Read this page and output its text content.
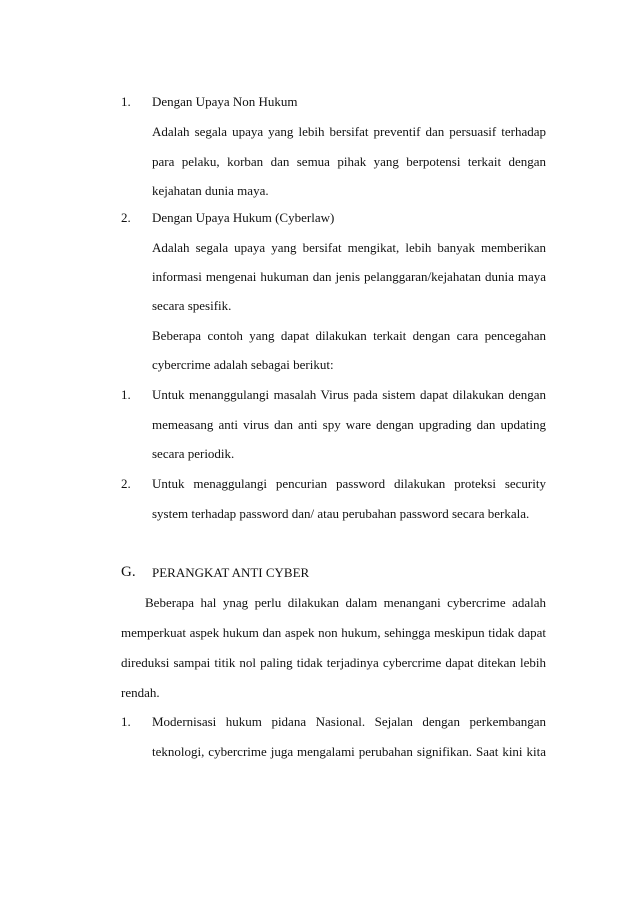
1. Dengan Upaya Non Hukum
Adalah segala upaya yang lebih bersifat preventif dan persuasif terhadap
para pelaku, korban dan semua pihak yang berpotensi terkait dengan
kejahatan dunia maya.
2. Dengan Upaya Hukum (Cyberlaw)
Adalah segala upaya yang bersifat mengikat, lebih banyak memberikan
informasi mengenai hukuman dan jenis pelanggaran/kejahatan dunia maya
secara spesifik.
Beberapa contoh yang dapat dilakukan terkait dengan cara pencegahan
cybercrime adalah sebagai berikut:
1. Untuk menanggulangi masalah Virus pada sistem dapat dilakukan dengan
memeasang anti virus dan anti spy ware dengan upgrading dan updating
secara periodik.
2. Untuk menaggulangi pencurian password dilakukan proteksi security
system terhadap password dan/ atau perubahan password secara berkala.
G. PERANGKAT ANTI CYBER
Beberapa hal ynag perlu dilakukan dalam menangani cybercrime adalah
memperkuat aspek hukum dan aspek non hukum, sehingga meskipun tidak dapat
direduksi sampai titik nol paling tidak terjadinya cybercrime dapat ditekan lebih
rendah.
1. Modernisasi hukum pidana Nasional. Sejalan dengan perkembangan
teknologi, cybercrime juga mengalami perubahan signifikan. Saat kini kita
